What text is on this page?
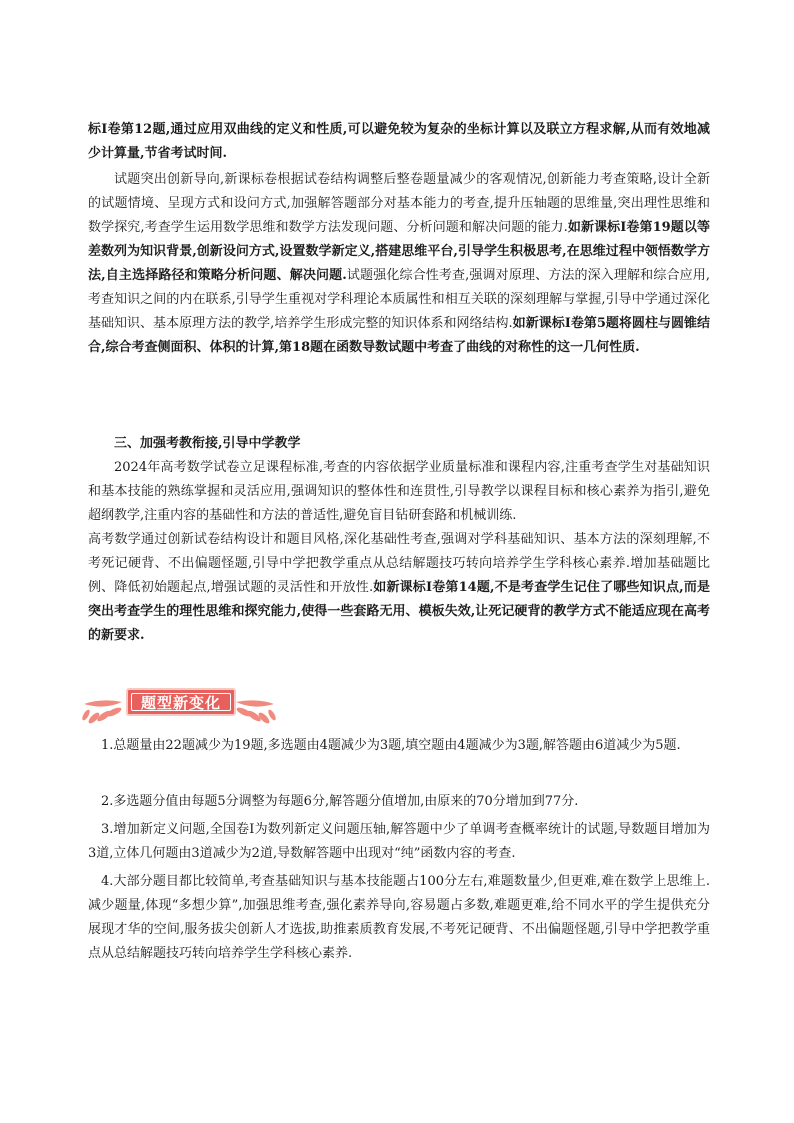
标Ⅰ卷第12题,通过应用双曲线的定义和性质,可以避免较为复杂的坐标计算以及联立方程求解,从而有效地减少计算量,节省考试时间.

试题突出创新导向,新课标卷根据试卷结构调整后整卷题量减少的客观情况,创新能力考查策略,设计全新的试题情境、呈现方式和设问方式,加强解答题部分对基本能力的考查,提升压轴题的思维量,突出理性思维和数学探究,考查学生运用数学思维和数学方法发现问题、分析问题和解决问题的能力.如新课标Ⅰ卷第19题以等差数列为知识背景,创新设问方式,设置数学新定义,搭建思维平台,引导学生积极思考,在思维过程中领悟数学方法,自主选择路径和策略分析问题、解决问题.试题强化综合性考查,强调对原理、方法的深入理解和综合应用,考查知识之间的内在联系,引导学生重视对学科理论本质属性和相互关联的深刻理解与掌握,引导中学通过深化基础知识、基本原理方法的教学,培养学生形成完整的知识体系和网络结构.如新课标Ⅰ卷第5题将圆柱与圆锥结合,综合考查侧面积、体积的计算,第18题在函数导数试题中考查了曲线的对称性的这一几何性质.

三、加强考教衔接,引导中学教学

2024年高考数学试卷立足课程标准,考查的内容依据学业质量标准和课程内容,注重考查学生对基础知识和基本技能的熟练掌握和灵活应用,强调知识的整体性和连贯性,引导教学以课程目标和核心素养为指引,避免超纲教学,注重内容的基础性和方法的普适性,避免盲目钻研套路和机械训练.

高考数学通过创新试卷结构设计和题目风格,深化基础性考查,强调对学科基础知识、基本方法的深刻理解,不考死记硬背、不出偏题怪题,引导中学把教学重点从总结解题技巧转向培养学生学科核心素养.增加基础题比例、降低初始题起点,增强试题的灵活性和开放性.如新课标Ⅰ卷第14题,不是考查学生记住了哪些知识点,而是突出考查学生的理性思维和探究能力,使得一些套路无用、模板失效,让死记硬背的教学方式不能适应现在高考的新要求.

题型新变化

1.总题量由22题减少为19题,多选题由4题减少为3题,填空题由4题减少为3题,解答题由6道减少为5题.

2.多选题分值由每题5分调整为每题6分,解答题分值增加,由原来的70分增加到77分.

3.增加新定义问题,全国卷Ⅰ为数列新定义问题压轴,解答题中少了单调考查概率统计的试题,导数题目增加为3道,立体几何题由3道减少为2道,导数解答题中出现对“纯”函数内容的考查.

4.大部分题目都比较简单,考查基础知识与基本技能题占100分左右,难题数量少,但更难,难在数学上思维上.减少题量,体现“多想少算”,加强思维考查,强化素养导向,容易题占多数,难题更难,给不同水平的学生提供充分展现才华的空间,服务拔尖创新人才选拔,助推素质教育发展,不考死记硬背、不出偏题怪题,引导中学把教学重点从总结解题技巧转向培养学生学科核心素养.
